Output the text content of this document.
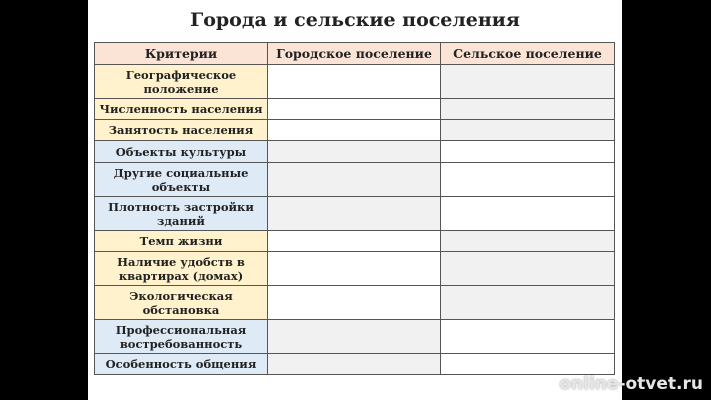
Города и сельские поселения
Критерии	Городское поселение	Сельское поселение
Географическое положение		
Численность населения		
Занятость населения		
Объекты культуры		
Другие социальные объекты		
Плотность застройки зданий		
Темп жизни		
Наличие удобств в квартирах (домах)		
Экологическая обстановка		
Профессиональная востребованность		
Особенность общения		
online-otvet.ru
